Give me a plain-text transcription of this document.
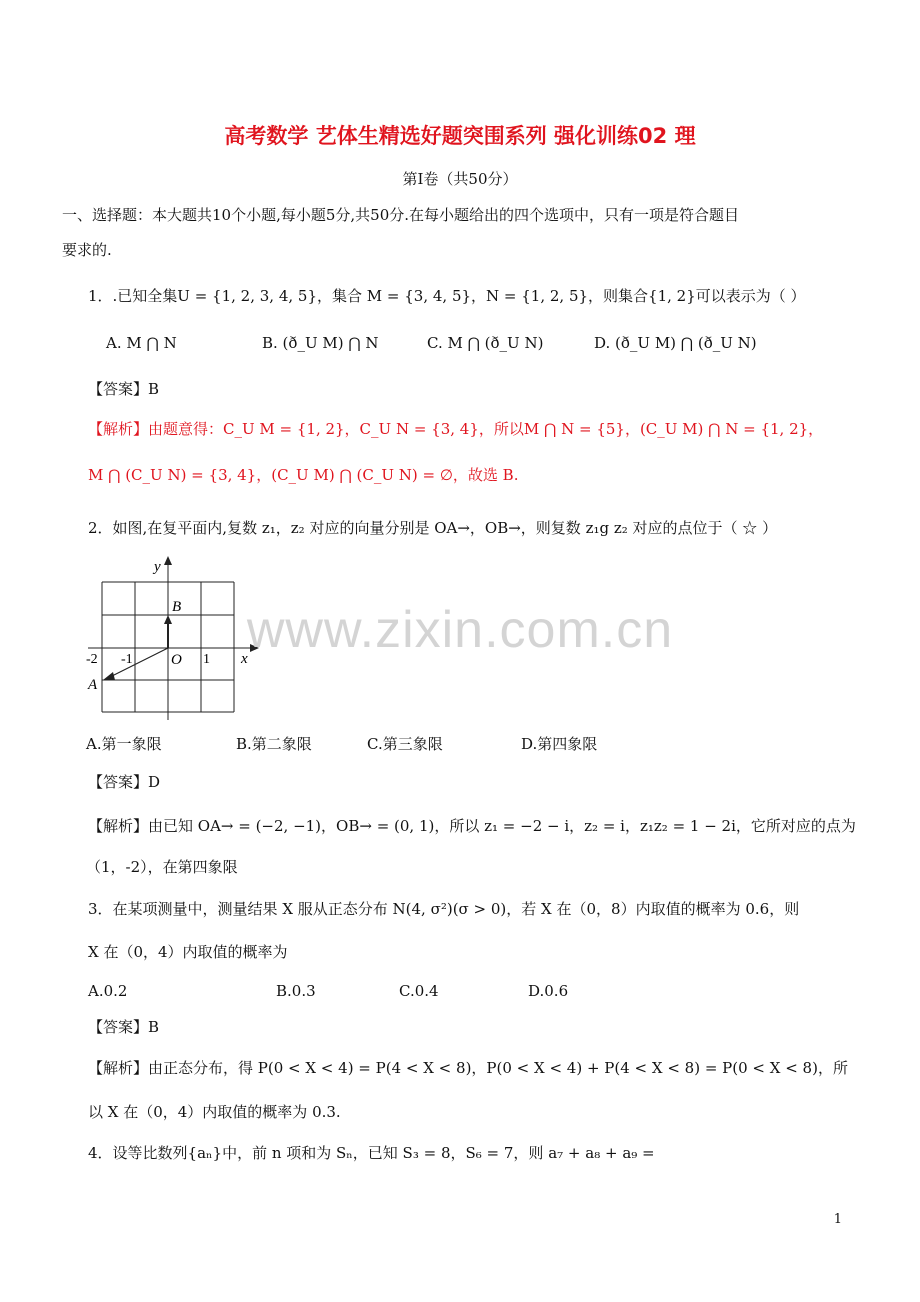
高考数学 艺体生精选好题突围系列 强化训练02 理
第Ⅰ卷（共50分）
一、选择题：本大题共10个小题,每小题5分,共50分.在每小题给出的四个选项中，只有一项是符合题目
要求的.
1．.已知全集U = {1, 2, 3, 4, 5}，集合 M = {3, 4, 5}，N = {1, 2, 5}，则集合{1, 2}可以表示为（ ）
A. M ⋂ N	B. (ð_U M) ⋂ N	C. M ⋂ (ð_U N)	D. (ð_U M) ⋂ (ð_U N)
【答案】B
【解析】由题意得：C_U M = {1, 2}，C_U N = {3, 4}，所以M ⋂ N = {5}，(C_U M) ⋂ N = {1, 2}，
M ⋂ (C_U N) = {3, 4}，(C_U M) ⋂ (C_U N) = ∅，故选 B.
2．如图,在复平面内,复数 z₁，z₂ 对应的向量分别是 OA→，OB→，则复数 z₁g z₂ 对应的点位于（ ☆ ）
y
x
O
-2 -1	1
A
B
A.第一象限	B.第二象限	C.第三象限	D.第四象限
【答案】D
【解析】由已知 OA→ = (−2, −1)，OB→ = (0, 1)，所以 z₁ = −2 − i，z₂ = i，z₁z₂ = 1 − 2i，它所对应的点为
（1，-2），在第四象限
3．在某项测量中，测量结果 X 服从正态分布 N(4, σ²)(σ > 0)，若 X 在（0，8）内取值的概率为 0.6，则
X 在（0，4）内取值的概率为
A.0.2	B.0.3	C.0.4	D.0.6
【答案】B
【解析】由正态分布，得 P(0 < X < 4) = P(4 < X < 8)，P(0 < X < 4) + P(4 < X < 8) = P(0 < X < 8)，所
以 X 在（0，4）内取值的概率为 0.3.
4．设等比数列{aₙ}中，前 n 项和为 Sₙ，已知 S₃ = 8，S₆ = 7，则 a₇ + a₈ + a₉ =
www.zixin.com.cn
1
